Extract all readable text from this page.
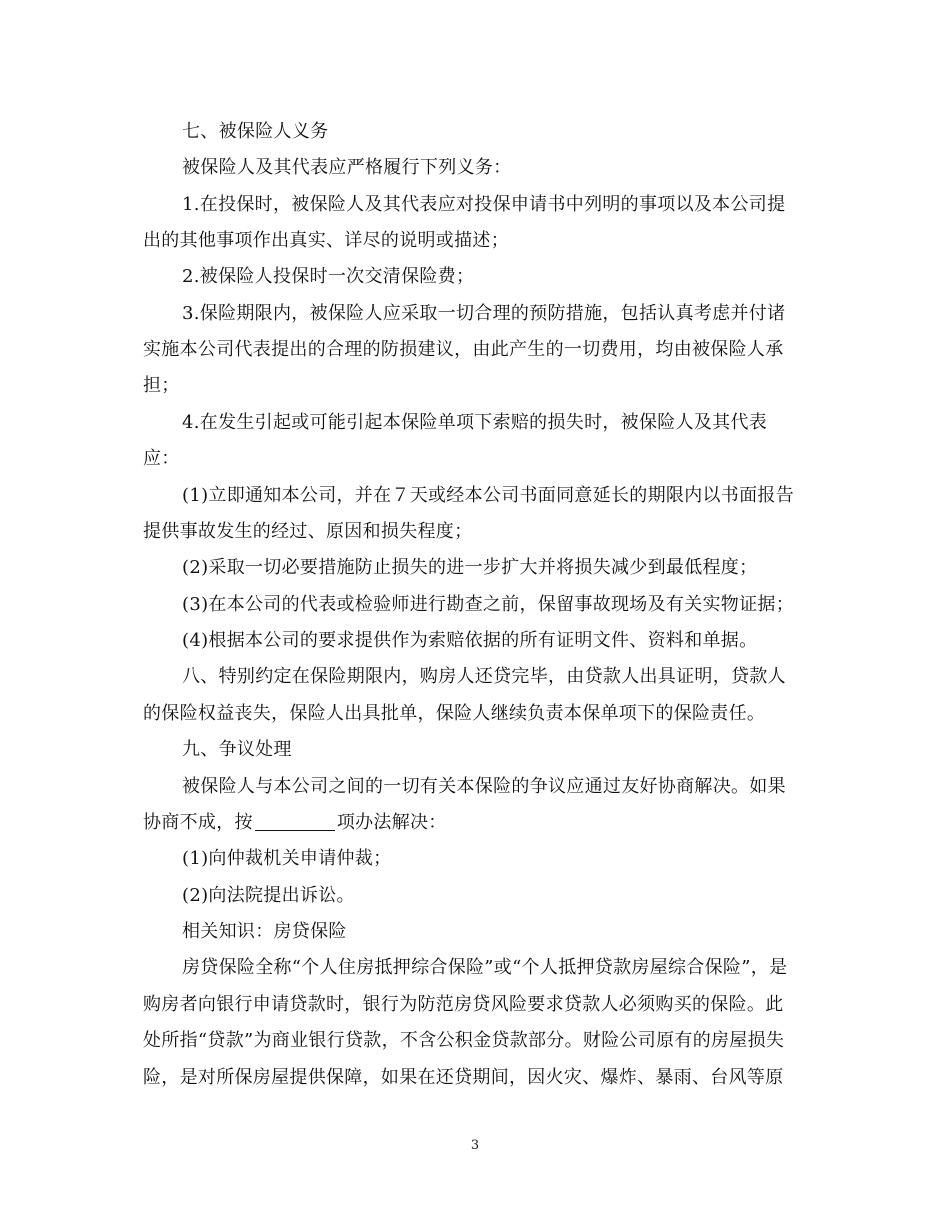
七、被保险人义务
被保险人及其代表应严格履行下列义务：
1.在投保时，被保险人及其代表应对投保申请书中列明的事项以及本公司提
出的其他事项作出真实、详尽的说明或描述；
2.被保险人投保时一次交清保险费；
3.保险期限内，被保险人应采取一切合理的预防措施，包括认真考虑并付诸
实施本公司代表提出的合理的防损建议，由此产生的一切费用，均由被保险人承
担；
4.在发生引起或可能引起本保险单项下索赔的损失时，被保险人及其代表
应：
(1)立即通知本公司，并在７天或经本公司书面同意延长的期限内以书面报告
提供事故发生的经过、原因和损失程度；
(2)采取一切必要措施防止损失的进一步扩大并将损失减少到最低程度；
(3)在本公司的代表或检验师进行勘查之前，保留事故现场及有关实物证据；
(4)根据本公司的要求提供作为索赔依据的所有证明文件、资料和单据。
八、特别约定在保险期限内，购房人还贷完毕，由贷款人出具证明，贷款人
的保险权益丧失，保险人出具批单，保险人继续负责本保单项下的保险责任。
九、争议处理
被保险人与本公司之间的一切有关本保险的争议应通过友好协商解决。如果
协商不成，按	项办法解决：
(1)向仲裁机关申请仲裁；
(2)向法院提出诉讼。
相关知识：房贷保险
房贷保险全称“个人住房抵押综合保险”或“个人抵押贷款房屋综合保险”，是
购房者向银行申请贷款时，银行为防范房贷风险要求贷款人必须购买的保险。此
处所指“贷款”为商业银行贷款，不含公积金贷款部分。财险公司原有的房屋损失
险，是对所保房屋提供保障，如果在还贷期间，因火灾、爆炸、暴雨、台风等原
3
